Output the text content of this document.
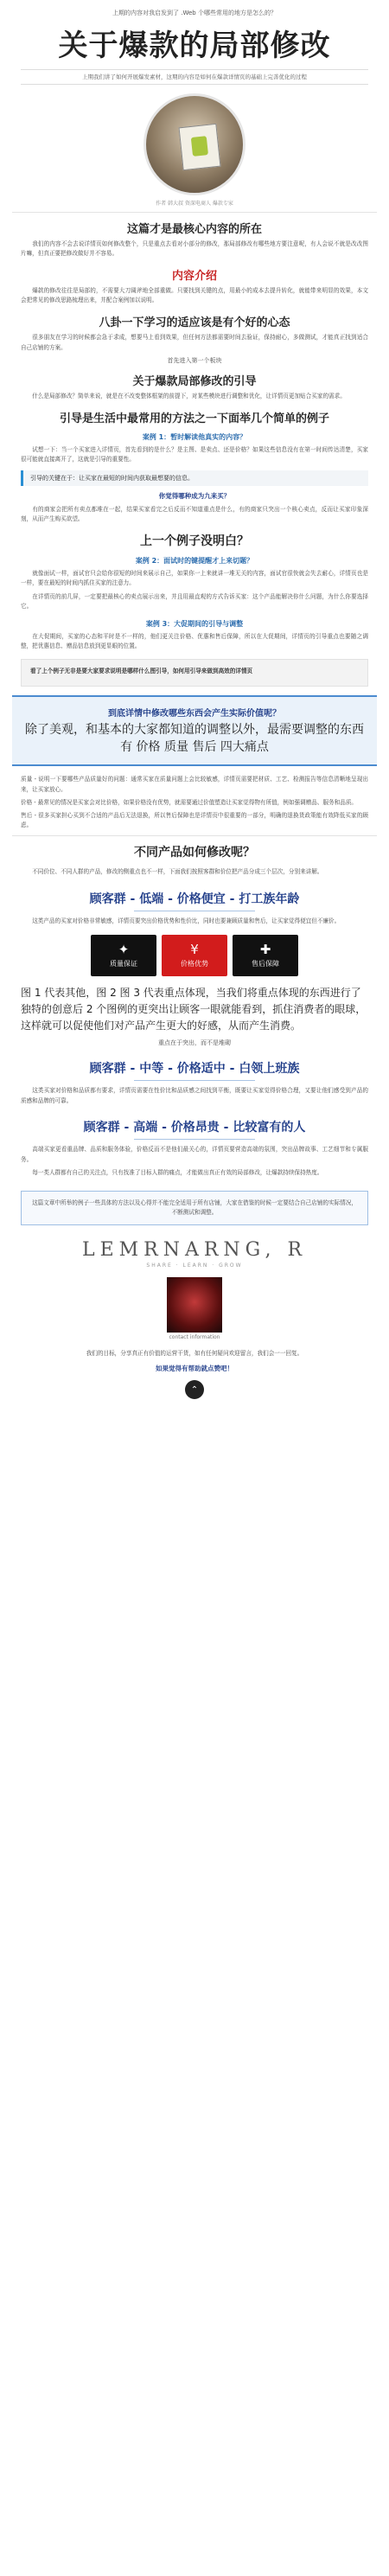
上期的内容对我启发到了 .Web 个哪些常用的地方是怎么的？

关于爆款的局部修改

上期我们讲了如何开展爆发素材，这期的内容是如何在爆款详情页的基础上完善优化的过程

作者 韩大叔 资深电商人 爆款专家

这篇才是最核心内容的所在

我们的内容不会去说详情页如何修改整个，只是重点去看对小部分的修改，那局部修改有哪些地方要注意呢，有人会说不就是改改图片嘛，但真正要把修改做好并不容易。

内容介绍

爆款的修改往往是局部的，不需要大刀阔斧地全部重做。只要找到关键的点，用最小的成本去提升转化，就能带来明显的效果，本文会把常见的修改思路梳理出来，并配合案例加以说明。

八卦一下学习的适应该是有个好的心态

很多朋友在学习的时候都会急于求成，想要马上看到效果，但任何方法都需要时间去验证，保持耐心，多做测试，才能真正找到适合自己店铺的方案。

首先进入第一个板块

关于爆款局部修改的引导

什么是局部修改？简单来说，就是在不改变整体框架的前提下，对某些模块进行调整和优化，让详情页更加贴合买家的需求。

引导是生活中最常用的方法之一下面举几个简单的例子

案例 1：暂时解读他真实的内容？

试想一下：当一个买家进入详情页，首先看到的是什么？是主图、是卖点、还是价格？如果这些信息没有在第一时间传达清楚，买家很可能就直接离开了，这就是引导的重要性。

引导的关键在于：让买家在最短的时间内获取最想要的信息。

你觉得哪种成为九来买？

有的商家会把所有卖点都堆在一起，结果买家看完之后反而不知道重点是什么，有的商家只突出一个核心卖点，反而让买家印象深刻，从而产生购买欲望。

上一个例子没明白？

案例 2：面试时的键提醒才上来切题？

就像面试一样，面试官只会给你很短的时间来展示自己，如果你一上来就讲一堆无关的内容，面试官很快就会失去耐心，详情页也是一样，要在最短的时间内抓住买家的注意力。

在详情页的前几屏，一定要把最核心的卖点展示出来，并且用最直观的方式告诉买家：这个产品能解决你什么问题，为什么你要选择它。

案例 3：大促期间的引导与调整

在大促期间，买家的心态和平时是不一样的，他们更关注价格、优惠和售后保障，所以在大促期间，详情页的引导重点也要随之调整，把优惠信息、赠品信息放到更显眼的位置。

看了上个例子无非是要大家要求说明是哪样什么图引导，如何用引导来做到高效的详情页

到底详情中修改哪些东西会产生实际价值呢？

除了美观，和基本的大家都知道的调整以外，最需要调整的东西有 价格 质量 售后 四大痛点

质量 - 说明一下要哪些产品质量好的问题：通常买家在质量问题上会比较敏感，详情页需要把材质、工艺、检测报告等信息清晰地呈现出来，让买家放心。

价格 - 最常见的情况是买家会对比价格，如果价格没有优势，就需要通过价值塑造让买家觉得物有所值，例如强调赠品、服务和品质。

售后 - 很多买家担心买到不合适的产品后无法退换，所以售后保障也是详情页中很重要的一部分，明确的退换货政策能有效降低买家的顾虑。

不同产品如何修改呢？

不同价位、不同人群的产品，修改的侧重点也不一样，下面我们按照客群和价位把产品分成三个层次，分别来讲解。

顾客群 - 低端 - 价格便宜 - 打工族年龄

这类产品的买家对价格非常敏感，详情页要突出价格优势和性价比，同时也要兼顾质量和售后，让买家觉得便宜但不廉价。

✦
质量保证
¥
价格优势
✚
售后保障

图 1 代表其他，图 2 图 3 代表重点体现，当我们将重点体现的东西进行了独特的创意后 2 个图例的更突出让顾客一眼就能看到，抓住消费者的眼球，这样就可以促使他们对产品产生更大的好感，从而产生消费。

重点在于突出，而不是堆砌

顾客群 - 中等 - 价格适中 - 白领上班族

这类买家对价格和品质都有要求，详情页需要在性价比和品质感之间找到平衡，既要让买家觉得价格合理，又要让他们感受到产品的质感和品牌的可靠。

顾客群 - 高端 - 价格昂贵 - 比较富有的人

高端买家更看重品牌、品质和服务体验，价格反而不是他们最关心的，详情页要营造高端的氛围，突出品牌故事、工艺细节和专属服务。

每一类人群都有自己的关注点，只有找准了目标人群的痛点，才能做出真正有效的局部修改，让爆款持续保持热度。

这篇文章中所举的例子一些具体的方法以及心得并不能完全适用于所有店铺，大家在借鉴的时候一定要结合自己店铺的实际情况，不断测试和调整。

LEMRNARNG, R

SHARE · LEARN · GROW

contact information

我们的目标，分享真正有价值的运营干货，如有任何疑问欢迎留言，我们会一一回复。

如果觉得有帮助就点赞吧！

⌃
